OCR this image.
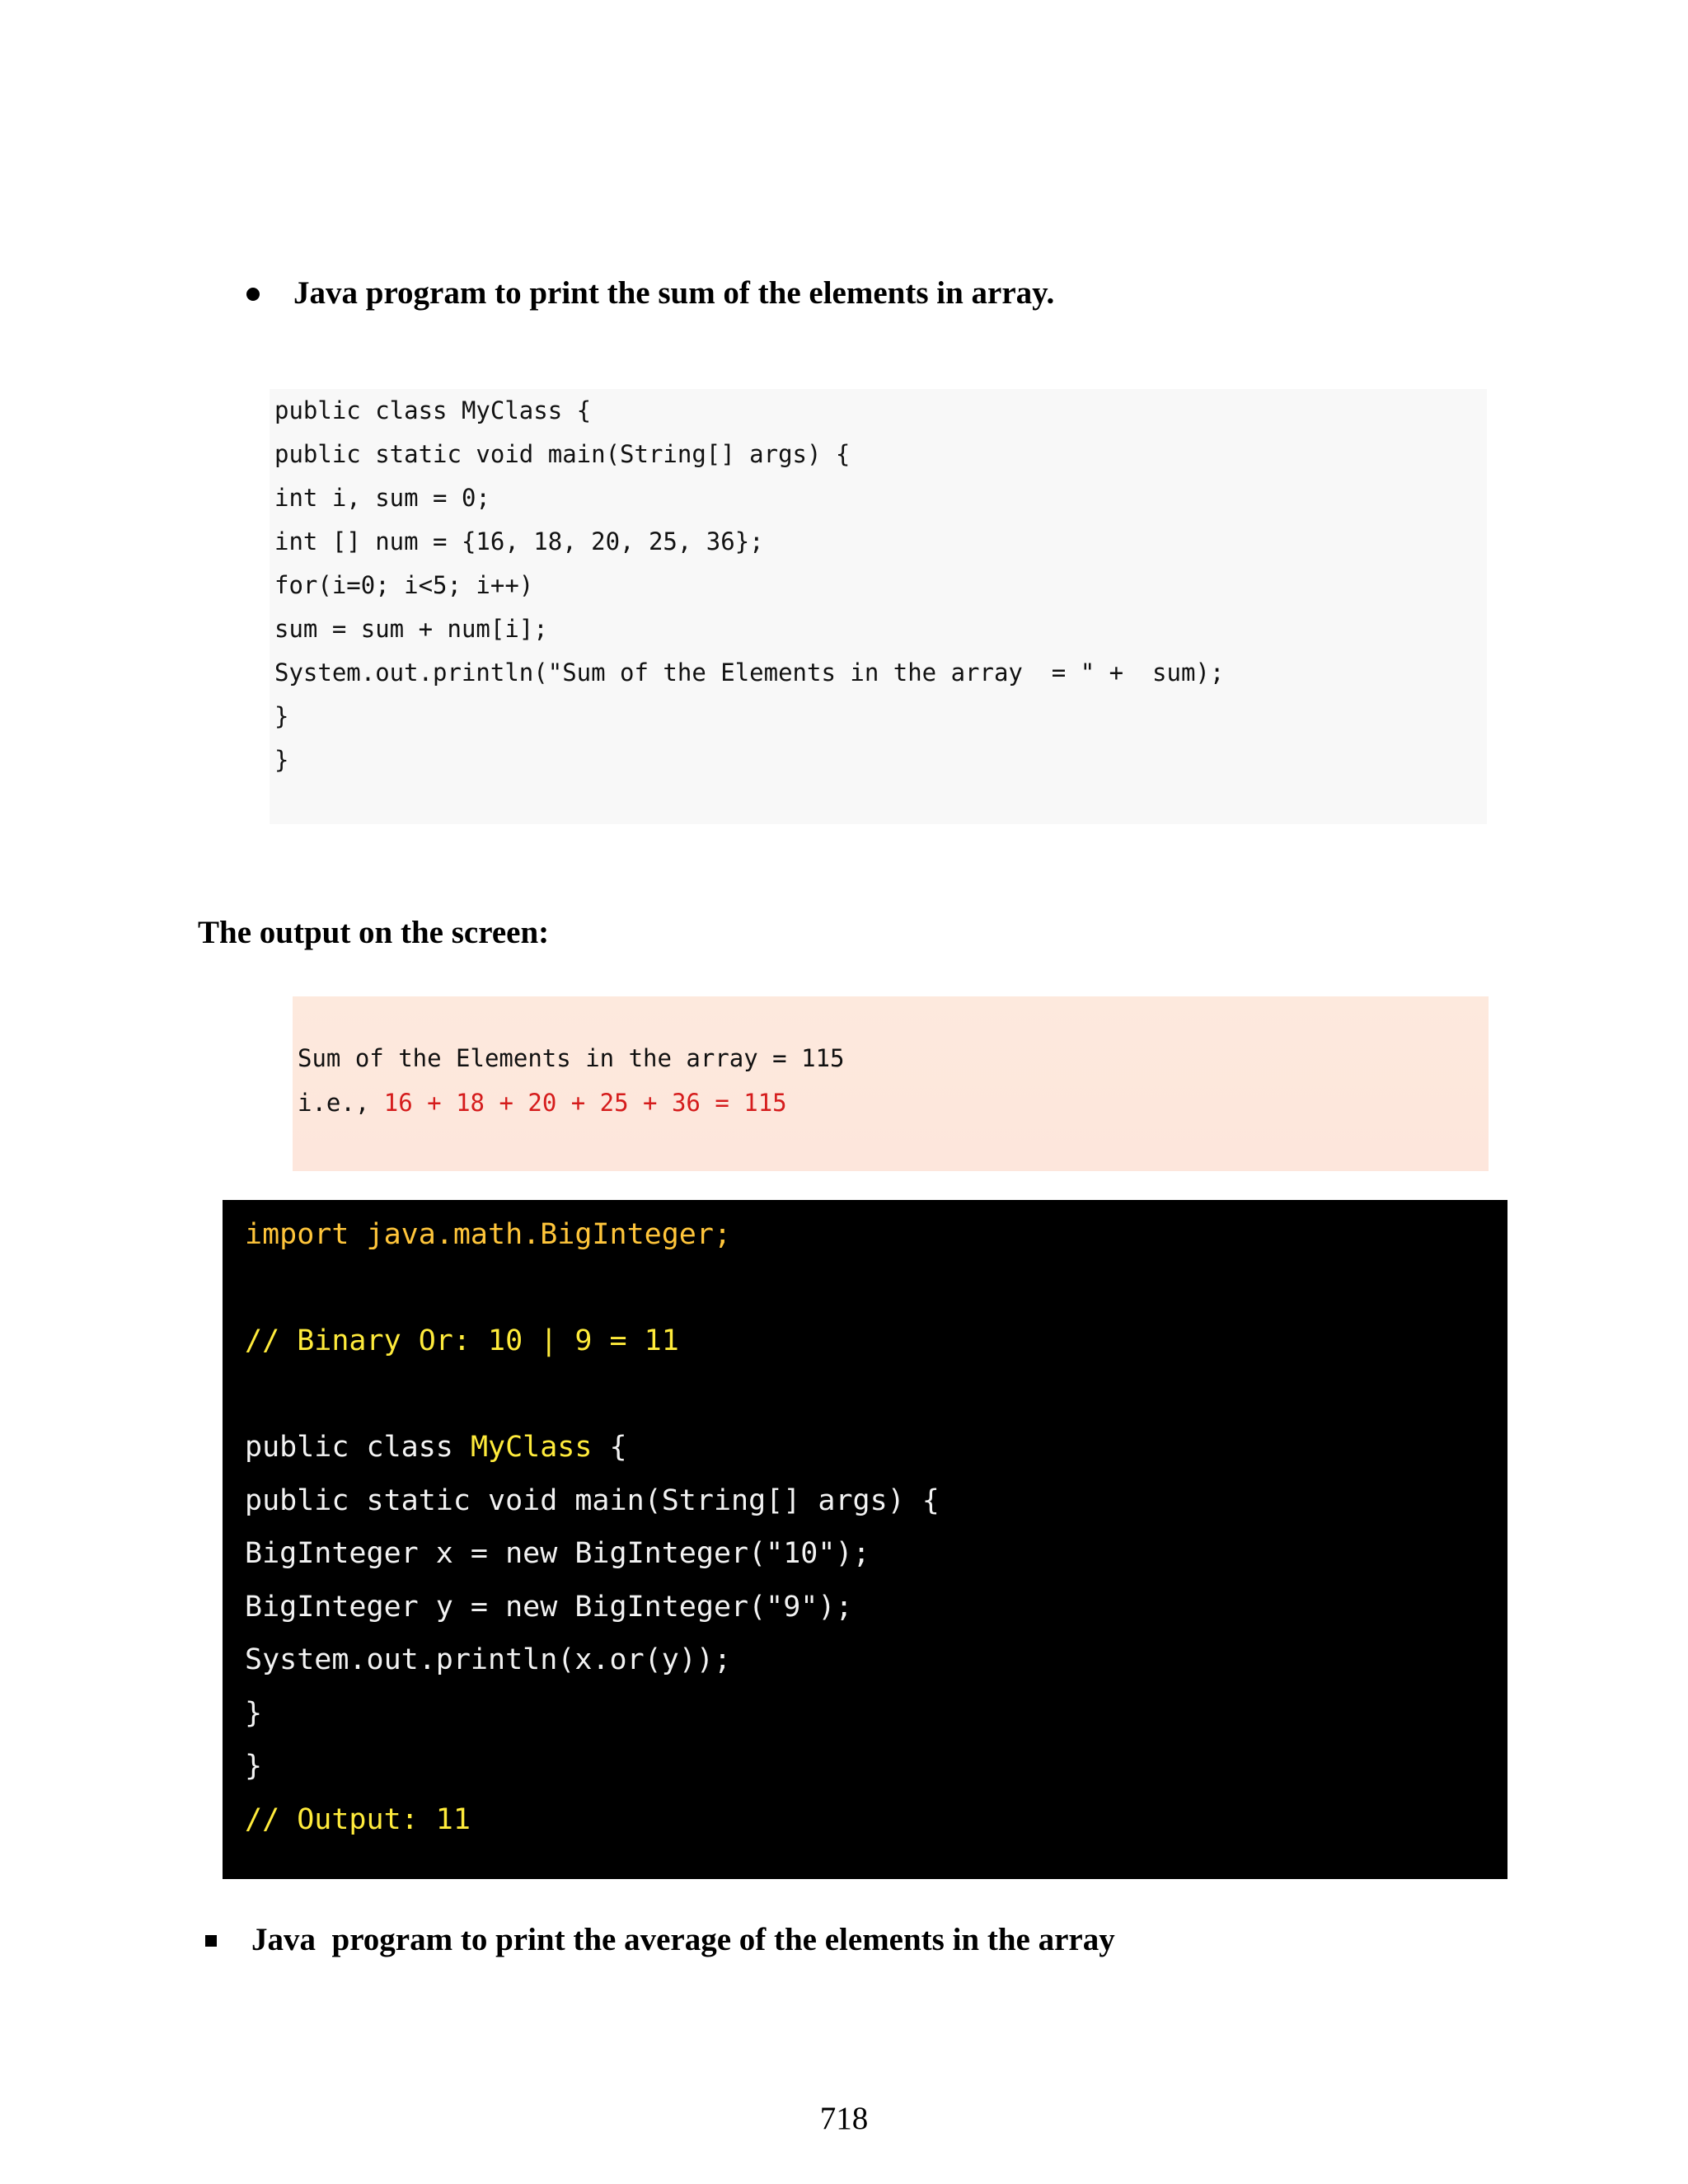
Java program to print the sum of the elements in array.
public class MyClass {
public static void main(String[] args) {
int i, sum = 0;
int [] num = {16, 18, 20, 25, 36};
for(i=0; i<5; i++)
sum = sum + num[i];
System.out.println("Sum of the Elements in the array  = " +  sum);
}
}
The output on the screen:
Sum of the Elements in the array = 115
i.e., 16 + 18 + 20 + 25 + 36 = 115
import java.math.BigInteger;
// Binary Or: 10 | 9 = 11
public class MyClass {
public static void main(String[] args) {
BigInteger x = new BigInteger("10");
BigInteger y = new BigInteger("9");
System.out.println(x.or(y));
}
}
// Output: 11
Java  program to print the average of the elements in the array
718
